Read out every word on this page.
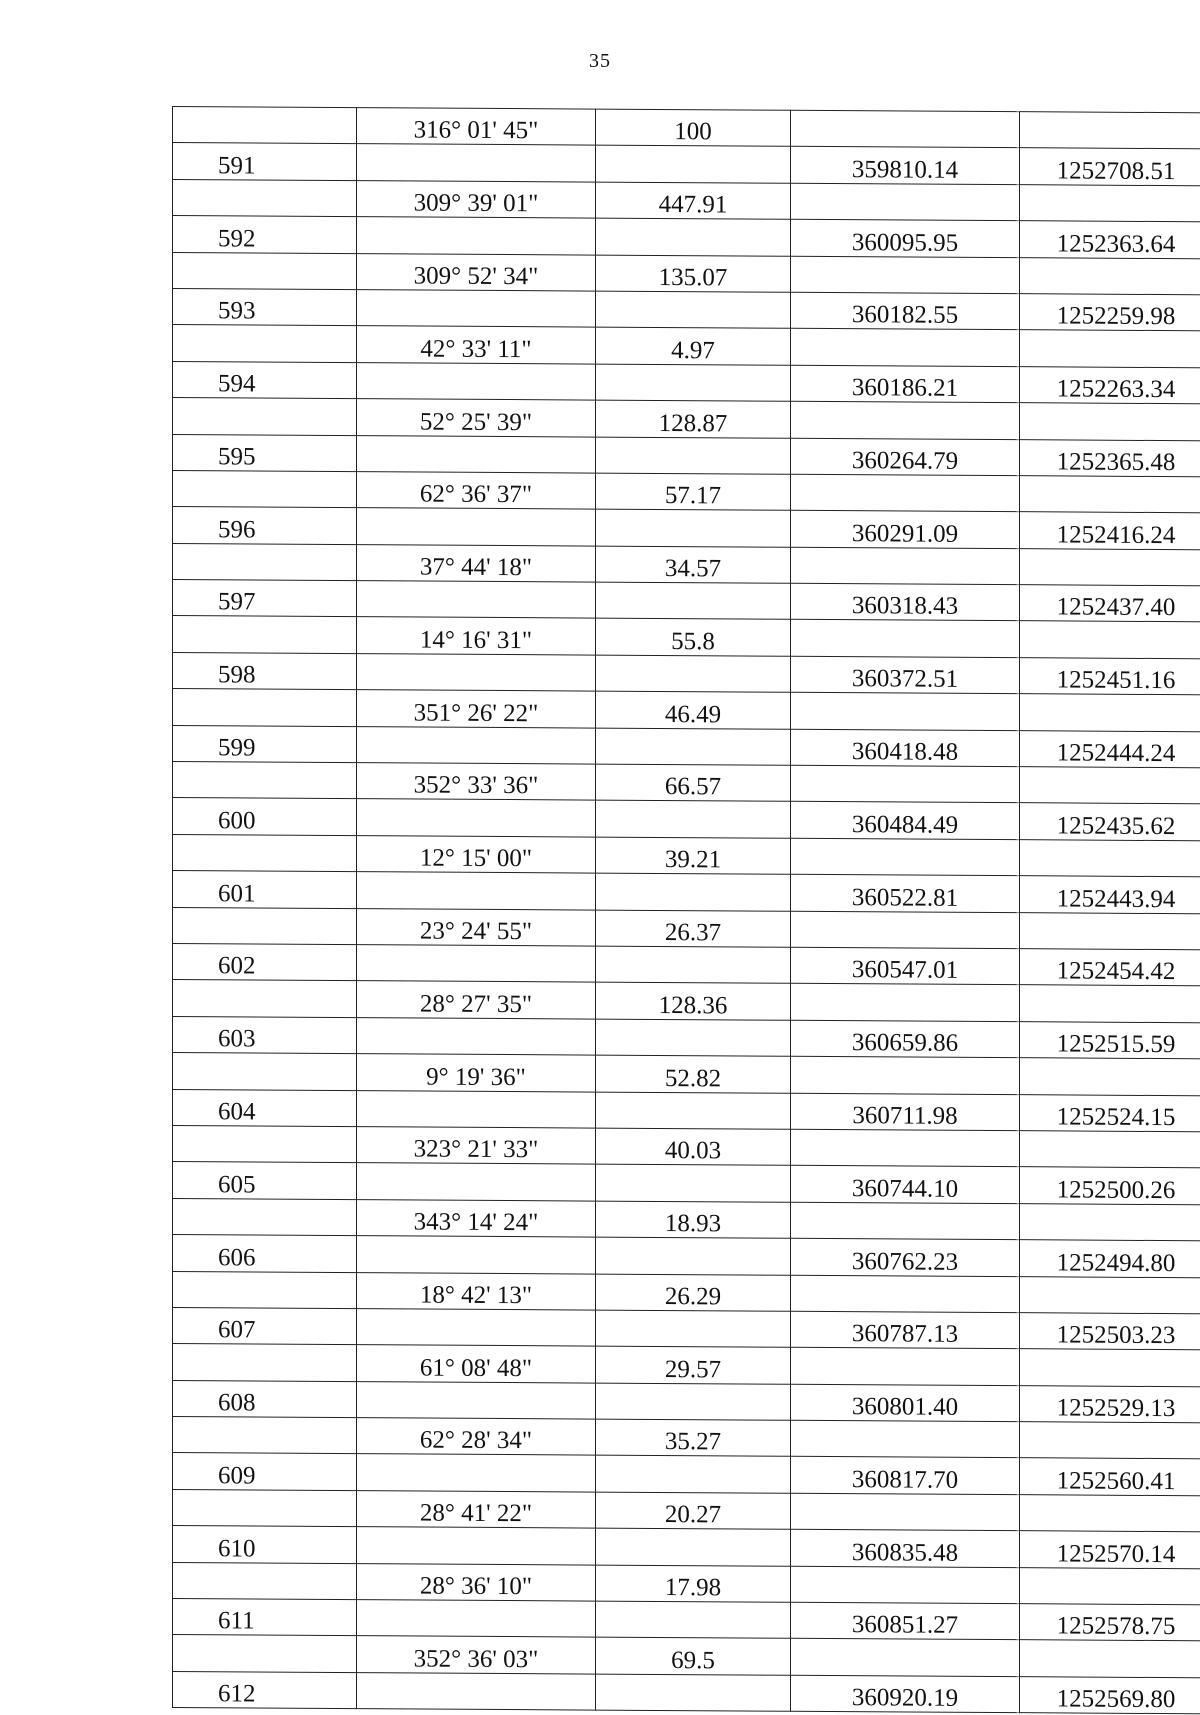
35
	316° 01' 45"	100		
591			359810.14	1252708.51
	309° 39' 01"	447.91		
592			360095.95	1252363.64
	309° 52' 34"	135.07		
593			360182.55	1252259.98
	42° 33' 11"	4.97		
594			360186.21	1252263.34
	52° 25' 39"	128.87		
595			360264.79	1252365.48
	62° 36' 37"	57.17		
596			360291.09	1252416.24
	37° 44' 18"	34.57		
597			360318.43	1252437.40
	14° 16' 31"	55.8		
598			360372.51	1252451.16
	351° 26' 22"	46.49		
599			360418.48	1252444.24
	352° 33' 36"	66.57		
600			360484.49	1252435.62
	12° 15' 00"	39.21		
601			360522.81	1252443.94
	23° 24' 55"	26.37		
602			360547.01	1252454.42
	28° 27' 35"	128.36		
603			360659.86	1252515.59
	9° 19' 36"	52.82		
604			360711.98	1252524.15
	323° 21' 33"	40.03		
605			360744.10	1252500.26
	343° 14' 24"	18.93		
606			360762.23	1252494.80
	18° 42' 13"	26.29		
607			360787.13	1252503.23
	61° 08' 48"	29.57		
608			360801.40	1252529.13
	62° 28' 34"	35.27		
609			360817.70	1252560.41
	28° 41' 22"	20.27		
610			360835.48	1252570.14
	28° 36' 10"	17.98		
611			360851.27	1252578.75
	352° 36' 03"	69.5		
612			360920.19	1252569.80
